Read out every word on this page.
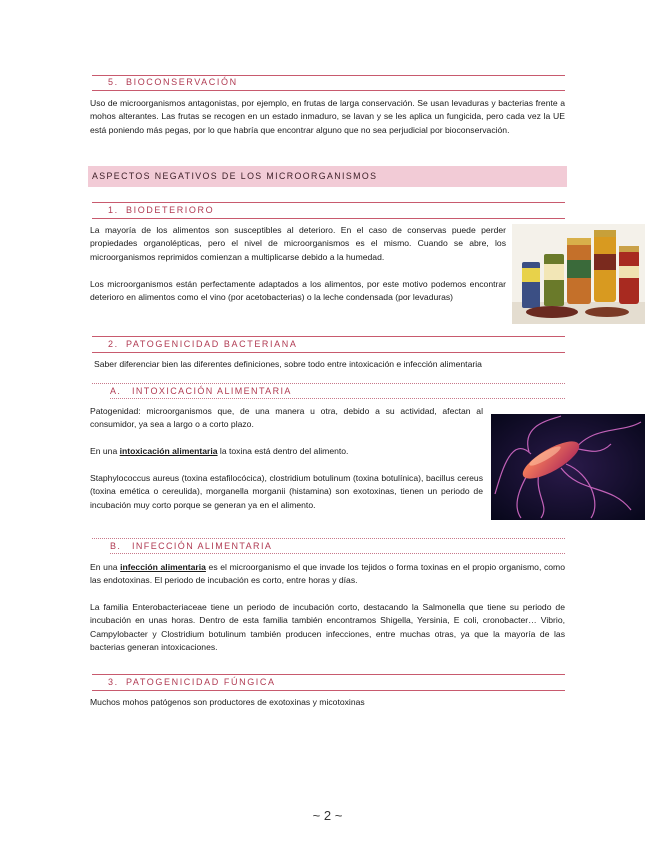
5. BIOCONSERVACIÓN

Uso de microorganismos antagonistas, por ejemplo, en frutas de larga conservación. Se usan levaduras y bacterias frente a mohos alterantes. Las frutas se recogen en un estado inmaduro, se lavan y se les aplica un fungicida, pero cada vez la UE está poniendo más pegas, por lo que habría que encontrar alguno que no sea perjudicial por bioconservación.

ASPECTOS NEGATIVOS DE LOS MICROORGANISMOS
1. BIODETERIORO

La mayoría de los alimentos son susceptibles al deterioro. En el caso de conservas puede perder propiedades organolépticas, pero el nivel de microorganismos es el mismo. Cuando se abre, los microorganismos reprimidos comienzan a multiplicarse debido a la humedad.

Los microorganismos están perfectamente adaptados a los alimentos, por este motivo podemos encontrar deterioro en alimentos como el vino (por acetobacterias) o la leche condensada (por levaduras)

2. PATOGENICIDAD BACTERIANA

Saber diferenciar bien las diferentes definiciones, sobre todo entre intoxicación e infección alimentaria

A. INTOXICACIÓN ALIMENTARIA

Patogenidad: microorganismos que, de una manera u otra, debido a su actividad, afectan al consumidor, ya sea a largo o a corto plazo.

En una intoxicación alimentaria la toxina está dentro del alimento.

Staphylococcus aureus (toxina estafilocócica), clostridium botulinum (toxina botulínica), bacillus cereus (toxina emética o cereulida), morganella morganii (histamina) son exotoxinas, tienen un periodo de incubación muy corto porque se generan ya en el alimento.

B. INFECCIÓN ALIMENTARIA

En una infección alimentaria es el microorganismo el que invade los tejidos o forma toxinas en el propio organismo, como las endotoxinas. El periodo de incubación es corto, entre horas y días.

La familia Enterobacteriaceae tiene un periodo de incubación corto, destacando la Salmonella que tiene su periodo de incubación en unas horas. Dentro de esta familia también encontramos Shigella, Yersinia, E coli, cronobacter… Vibrio, Campylobacter y Clostridium botulinum también producen infecciones, entre muchas otras, ya que la mayoría de las bacterias generan intoxicaciones.

3. PATOGENICIDAD FÚNGICA

Muchos mohos patógenos son productores de exotoxinas y micotoxinas

~ 2 ~
